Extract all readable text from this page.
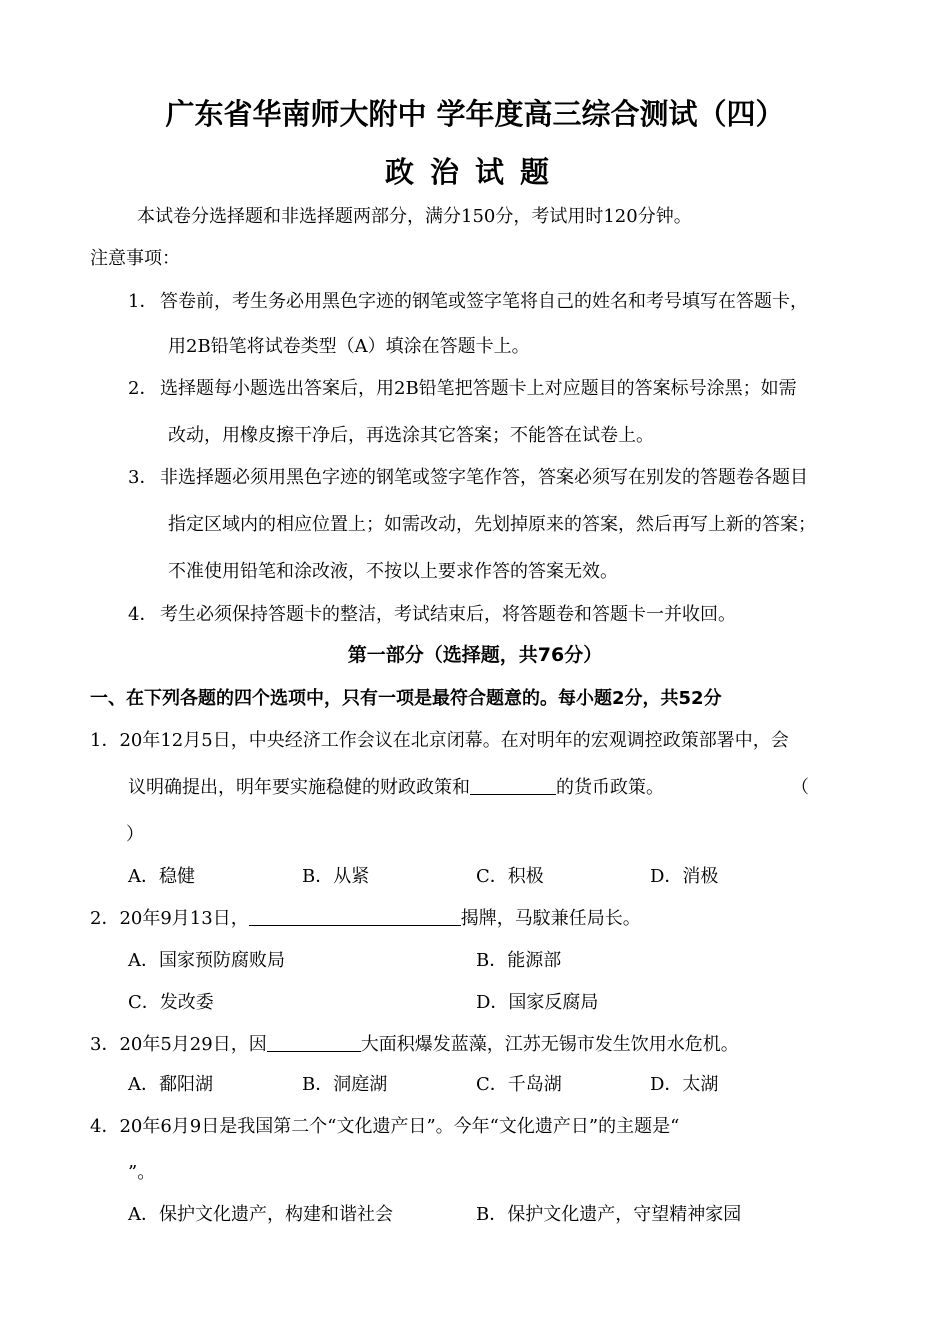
广东省华南师大附中 学年度高三综合测试（四）
政治试题
本试卷分选择题和非选择题两部分，满分150分，考试用时120分钟。
注意事项：
1． 答卷前，考生务必用黑色字迹的钢笔或签字笔将自己的姓名和考号填写在答题卡，
用2B铅笔将试卷类型（A）填涂在答题卡上。
2． 选择题每小题选出答案后，用2B铅笔把答题卡上对应题目的答案标号涂黑；如需
改动，用橡皮擦干净后，再选涂其它答案；不能答在试卷上。
3． 非选择题必须用黑色字迹的钢笔或签字笔作答，答案必须写在别发的答题卷各题目
指定区域内的相应位置上；如需改动，先划掉原来的答案，然后再写上新的答案；
不准使用铅笔和涂改液，不按以上要求作答的答案无效。
4． 考生必须保持答题卡的整洁，考试结束后，将答题卷和答题卡一并收回。
第一部分（选择题，共76分）
一、在下列各题的四个选项中，只有一项是最符合题意的。每小题2分，共52分
1．20年12月5日，中央经济工作会议在北京闭幕。在对明年的宏观调控政策部署中，会
议明确提出，明年要实施稳健的财政政策和	的货币政策。	（
）
A．稳健	B．从紧	C．积极	D．消极
2．20年9月13日，	揭牌，马馼兼任局长。
A．国家预防腐败局	B．能源部
C．发改委	D．国家反腐局
3．20年5月29日，因	大面积爆发蓝藻，江苏无锡市发生饮用水危机。
A．鄱阳湖	B．洞庭湖	C．千岛湖	D．太湖
4．20年6月9日是我国第二个“文化遗产日”。今年“文化遗产日”的主题是“
”。
A．保护文化遗产，构建和谐社会	B．保护文化遗产，守望精神家园
